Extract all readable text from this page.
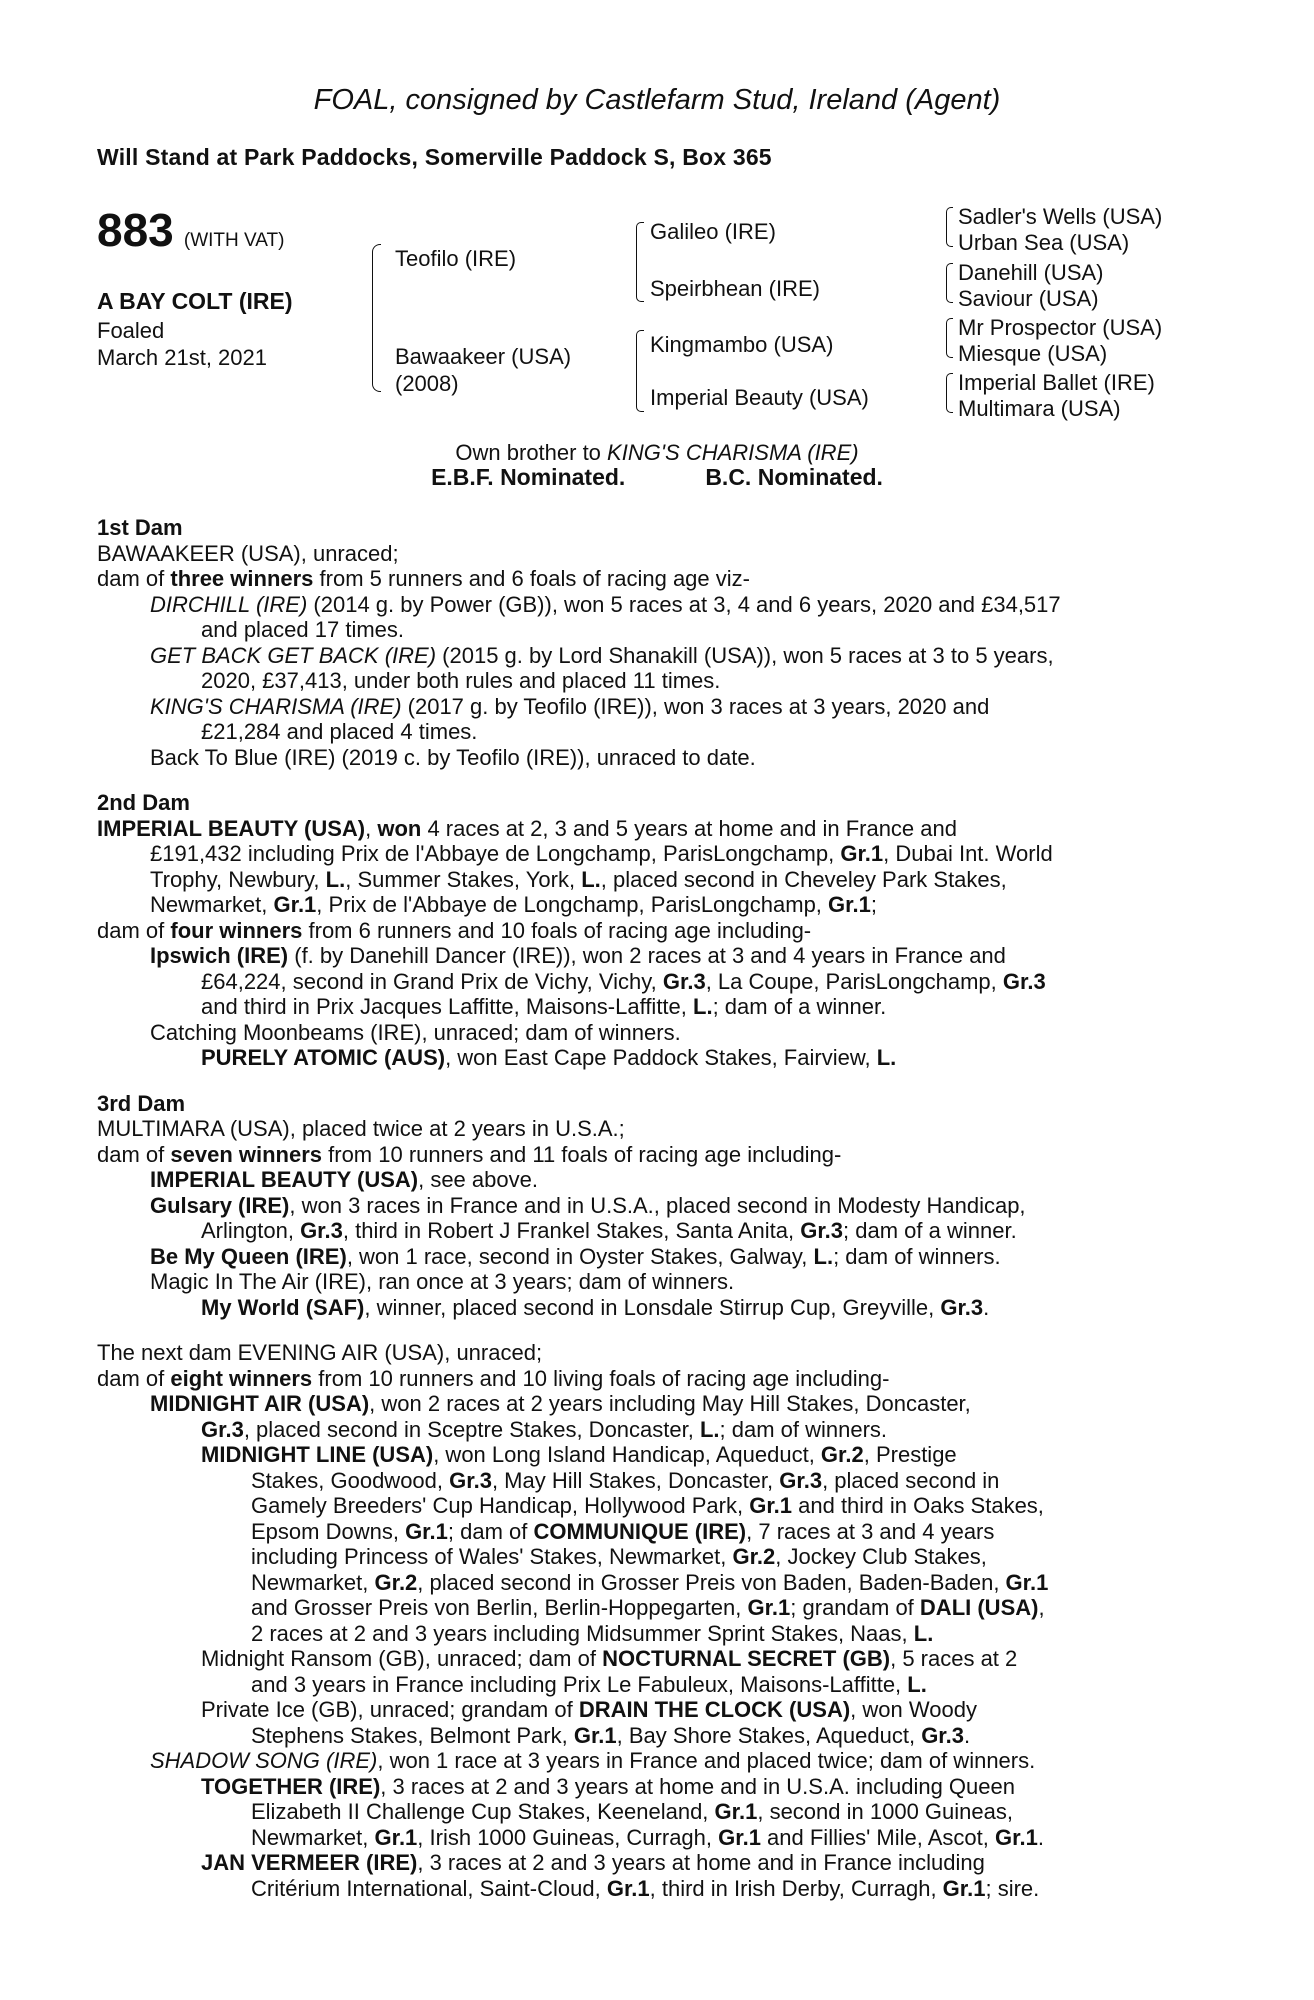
FOAL, consigned by Castlefarm Stud, Ireland (Agent)
Will Stand at Park Paddocks, Somerville Paddock S, Box 365
883 (WITH VAT)
A BAY COLT (IRE)
Foaled
March 21st, 2021
Teofilo (IRE)
Bawaakeer (USA)
(2008)
Galileo (IRE)
Speirbhean (IRE)
Kingmambo (USA)
Imperial Beauty (USA)
Sadler's Wells (USA)
Urban Sea (USA)
Danehill (USA)
Saviour (USA)
Mr Prospector (USA)
Miesque (USA)
Imperial Ballet (IRE)
Multimara (USA)
Own brother to KING'S CHARISMA (IRE)
E.B.F. Nominated.	B.C. Nominated.
1st Dam
BAWAAKEER (USA), unraced;
dam of three winners from 5 runners and 6 foals of racing age viz-
DIRCHILL (IRE) (2014 g. by Power (GB)), won 5 races at 3, 4 and 6 years, 2020 and £34,517
and placed 17 times.
GET BACK GET BACK (IRE) (2015 g. by Lord Shanakill (USA)), won 5 races at 3 to 5 years,
2020, £37,413, under both rules and placed 11 times.
KING'S CHARISMA (IRE) (2017 g. by Teofilo (IRE)), won 3 races at 3 years, 2020 and
£21,284 and placed 4 times.
Back To Blue (IRE) (2019 c. by Teofilo (IRE)), unraced to date.
2nd Dam
IMPERIAL BEAUTY (USA), won 4 races at 2, 3 and 5 years at home and in France and
£191,432 including Prix de l'Abbaye de Longchamp, ParisLongchamp, Gr.1, Dubai Int. World
Trophy, Newbury, L., Summer Stakes, York, L., placed second in Cheveley Park Stakes,
Newmarket, Gr.1, Prix de l'Abbaye de Longchamp, ParisLongchamp, Gr.1;
dam of four winners from 6 runners and 10 foals of racing age including-
Ipswich (IRE) (f. by Danehill Dancer (IRE)), won 2 races at 3 and 4 years in France and
£64,224, second in Grand Prix de Vichy, Vichy, Gr.3, La Coupe, ParisLongchamp, Gr.3
and third in Prix Jacques Laffitte, Maisons-Laffitte, L.; dam of a winner.
Catching Moonbeams (IRE), unraced; dam of winners.
PURELY ATOMIC (AUS), won East Cape Paddock Stakes, Fairview, L.
3rd Dam
MULTIMARA (USA), placed twice at 2 years in U.S.A.;
dam of seven winners from 10 runners and 11 foals of racing age including-
IMPERIAL BEAUTY (USA), see above.
Gulsary (IRE), won 3 races in France and in U.S.A., placed second in Modesty Handicap,
Arlington, Gr.3, third in Robert J Frankel Stakes, Santa Anita, Gr.3; dam of a winner.
Be My Queen (IRE), won 1 race, second in Oyster Stakes, Galway, L.; dam of winners.
Magic In The Air (IRE), ran once at 3 years; dam of winners.
My World (SAF), winner, placed second in Lonsdale Stirrup Cup, Greyville, Gr.3.
The next dam EVENING AIR (USA), unraced;
dam of eight winners from 10 runners and 10 living foals of racing age including-
MIDNIGHT AIR (USA), won 2 races at 2 years including May Hill Stakes, Doncaster,
Gr.3, placed second in Sceptre Stakes, Doncaster, L.; dam of winners.
MIDNIGHT LINE (USA), won Long Island Handicap, Aqueduct, Gr.2, Prestige
Stakes, Goodwood, Gr.3, May Hill Stakes, Doncaster, Gr.3, placed second in
Gamely Breeders' Cup Handicap, Hollywood Park, Gr.1 and third in Oaks Stakes,
Epsom Downs, Gr.1; dam of COMMUNIQUE (IRE), 7 races at 3 and 4 years
including Princess of Wales' Stakes, Newmarket, Gr.2, Jockey Club Stakes,
Newmarket, Gr.2, placed second in Grosser Preis von Baden, Baden-Baden, Gr.1
and Grosser Preis von Berlin, Berlin-Hoppegarten, Gr.1; grandam of DALI (USA),
2 races at 2 and 3 years including Midsummer Sprint Stakes, Naas, L.
Midnight Ransom (GB), unraced; dam of NOCTURNAL SECRET (GB), 5 races at 2
and 3 years in France including Prix Le Fabuleux, Maisons-Laffitte, L.
Private Ice (GB), unraced; grandam of DRAIN THE CLOCK (USA), won Woody
Stephens Stakes, Belmont Park, Gr.1, Bay Shore Stakes, Aqueduct, Gr.3.
SHADOW SONG (IRE), won 1 race at 3 years in France and placed twice; dam of winners.
TOGETHER (IRE), 3 races at 2 and 3 years at home and in U.S.A. including Queen
Elizabeth II Challenge Cup Stakes, Keeneland, Gr.1, second in 1000 Guineas,
Newmarket, Gr.1, Irish 1000 Guineas, Curragh, Gr.1 and Fillies' Mile, Ascot, Gr.1.
JAN VERMEER (IRE), 3 races at 2 and 3 years at home and in France including
Critérium International, Saint-Cloud, Gr.1, third in Irish Derby, Curragh, Gr.1; sire.
